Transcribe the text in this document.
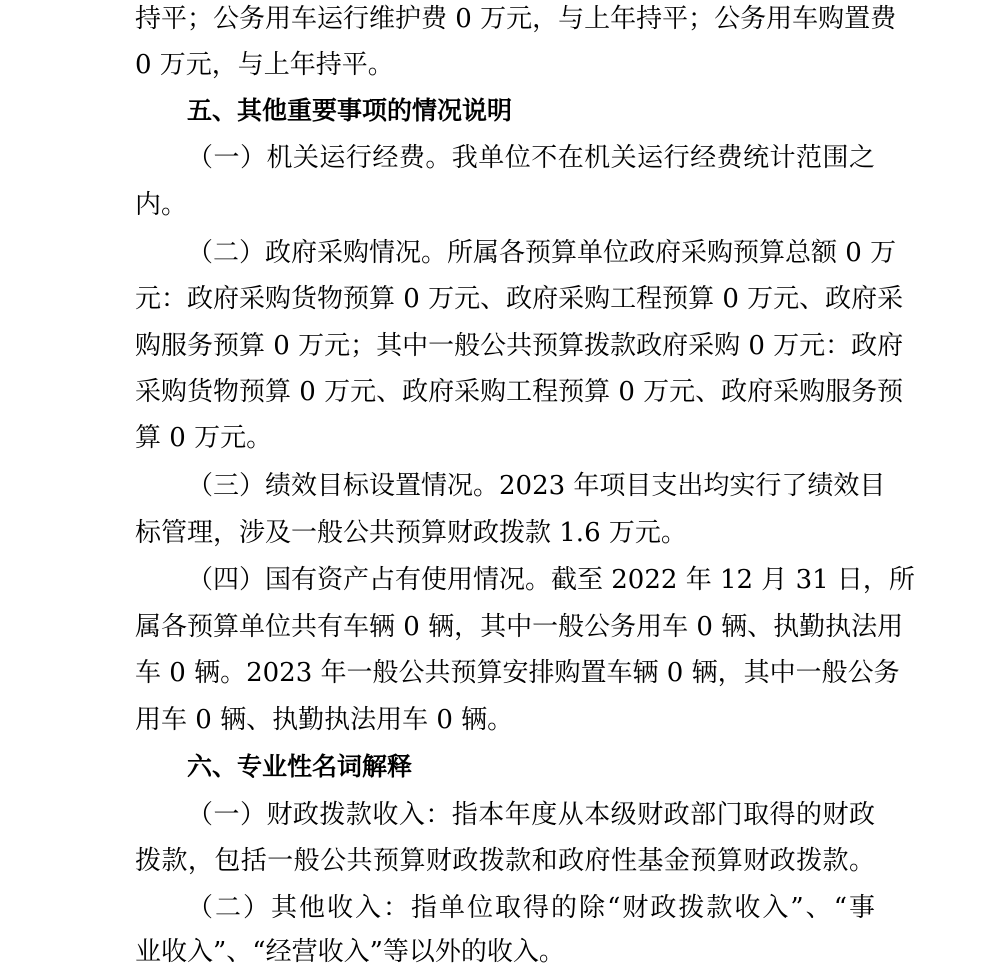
持平；公务用车运行维护费 0 万元，与上年持平；公务用车购置费
0 万元，与上年持平。
五、其他重要事项的情况说明
（一）机关运行经费。我单位不在机关运行经费统计范围之
内。
（二）政府采购情况。所属各预算单位政府采购预算总额 0 万
元：政府采购货物预算 0 万元、政府采购工程预算 0 万元、政府采
购服务预算 0 万元；其中一般公共预算拨款政府采购 0 万元：政府
采购货物预算 0 万元、政府采购工程预算 0 万元、政府采购服务预
算 0 万元。
（三）绩效目标设置情况。2023 年项目支出均实行了绩效目
标管理，涉及一般公共预算财政拨款 1.6 万元。
（四）国有资产占有使用情况。截至 2022 年 12 月 31 日，所
属各预算单位共有车辆 0 辆，其中一般公务用车 0 辆、执勤执法用
车 0 辆。2023 年一般公共预算安排购置车辆 0 辆，其中一般公务
用车 0 辆、执勤执法用车 0 辆。
六、专业性名词解释
（一）财政拨款收入：指本年度从本级财政部门取得的财政
拨款，包括一般公共预算财政拨款和政府性基金预算财政拨款。
（二）其他收入：指单位取得的除“财政拨款收入”、“事
业收入”、“经营收入”等以外的收入。
